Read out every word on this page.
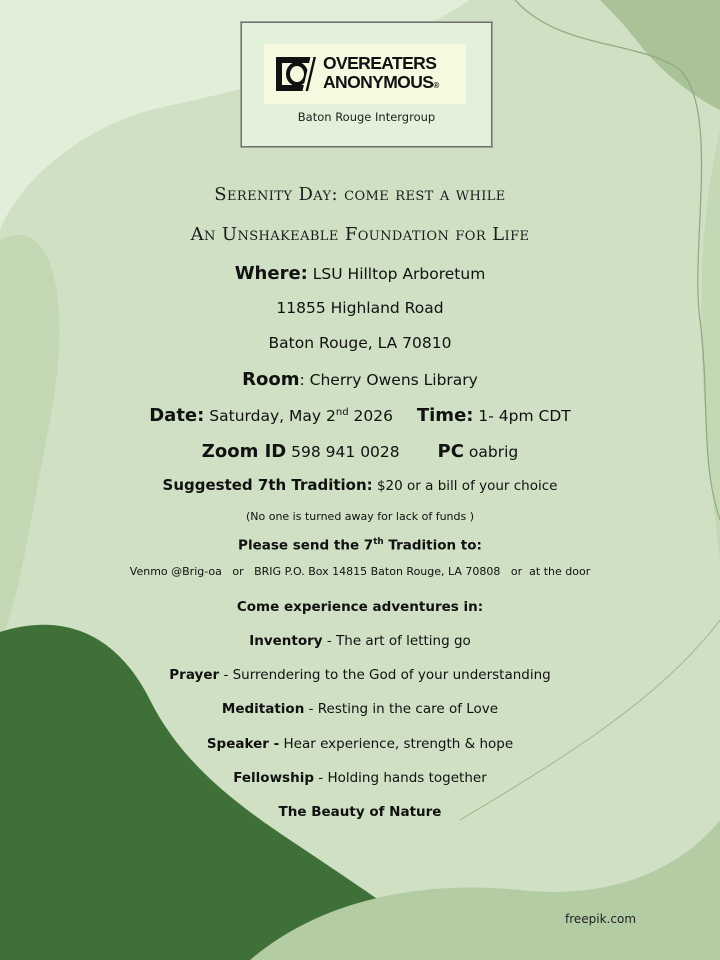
OVEREATERS
ANONYMOUS®
Baton Rouge Intergroup
Serenity Day: come rest a while
An Unshakeable Foundation for Life
Where: LSU Hilltop Arboretum
11855 Highland Road
Baton Rouge, LA 70810
Room: Cherry Owens Library
Date: Saturday, May 2nd 2026 Time: 1- 4pm CDT
Zoom ID 598 941 0028 PC oabrig
Suggested 7th Tradition: $20 or a bill of your choice
(No one is turned away for lack of funds )
Please send the 7th Tradition to:
Venmo @Brig-oa   or   BRIG P.O. Box 14815 Baton Rouge, LA 70808   or  at the door
Come experience adventures in:
Inventory - The art of letting go
Prayer - Surrendering to the God of your understanding
Meditation - Resting in the care of Love
Speaker - Hear experience, strength & hope
Fellowship - Holding hands together
The Beauty of Nature
freepik.com
